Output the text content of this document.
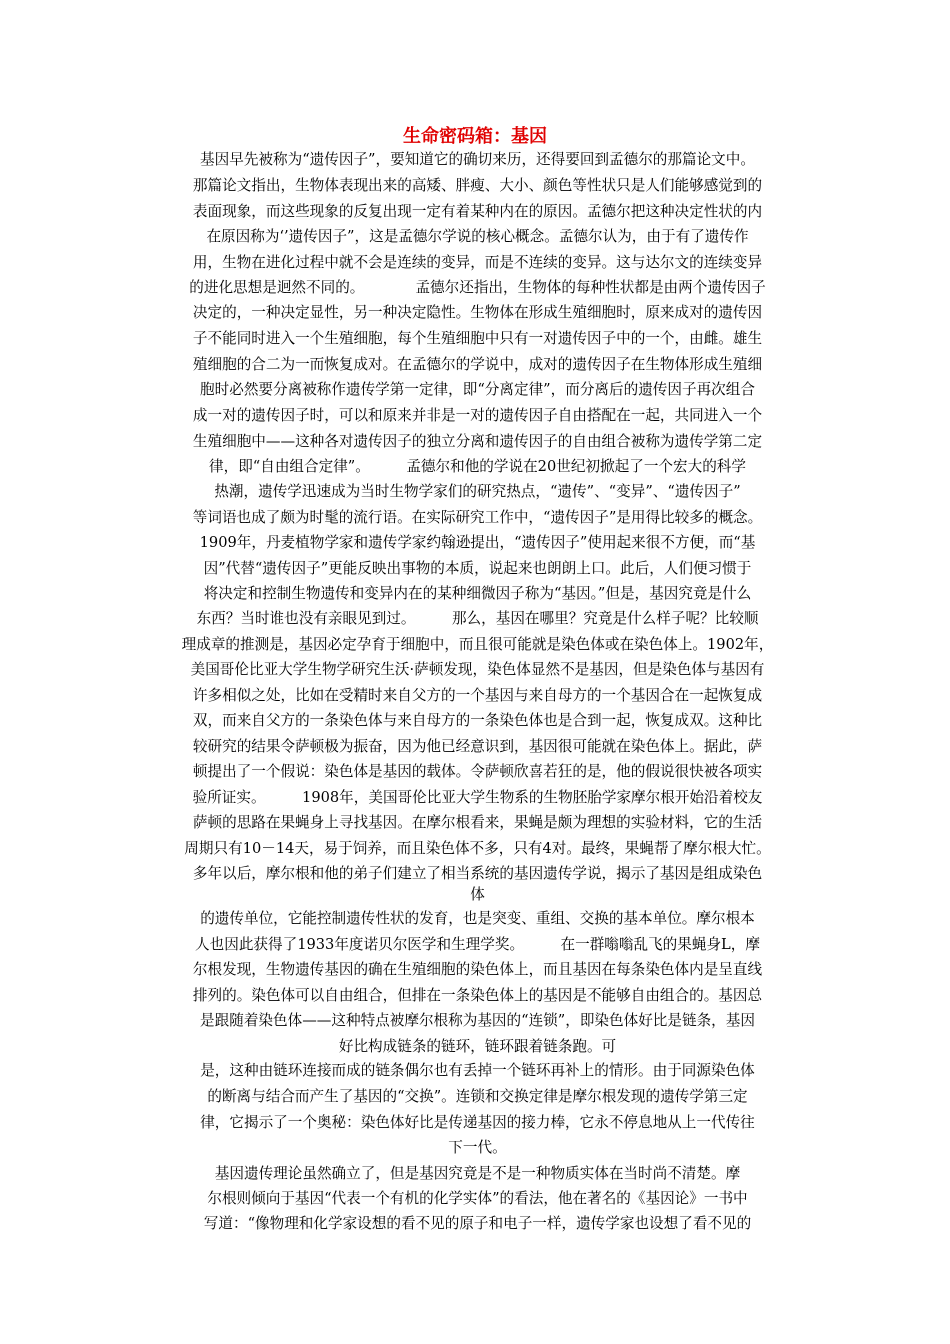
生命密码箱：基因

基因早先被称为“遗传因子”，要知道它的确切来历，还得要回到孟德尔的那篇论文中。

那篇论文指出，生物体表现出来的高矮、胖瘦、大小、颜色等性状只是人们能够感觉到的

表面现象，而这些现象的反复出现一定有着某种内在的原因。孟德尔把这种决定性状的内

在原因称为‘’遗传因子”，这是孟德尔学说的核心概念。孟德尔认为，由于有了遗传作

用，生物在进化过程中就不会是连续的变异，而是不连续的变异。这与达尔文的连续变异

的进化思想是迥然不同的。　　　　孟德尔还指出，生物体的每种性状都是由两个遗传因子

决定的，一种决定显性，另一种决定隐性。生物体在形成生殖细胞时，原来成对的遗传因

子不能同时进入一个生殖细胞，每个生殖细胞中只有一对遗传因子中的一个，由雌。雄生

殖细胞的合二为一而恢复成对。在孟德尔的学说中，成对的遗传因子在生物体形成生殖细

胞时必然要分离被称作遗传学第一定律，即“分离定律”，而分离后的遗传因子再次组合

成一对的遗传因子时，可以和原来并非是一对的遗传因子自由搭配在一起，共同进入一个

生殖细胞中——这种各对遗传因子的独立分离和遗传因子的自由组合被称为遗传学第二定

律，即“自由组合定律”。　　　孟德尔和他的学说在20世纪初掀起了一个宏大的科学

热潮，遗传学迅速成为当时生物学家们的研究热点，“遗传”、“变异”、“遗传因子”

等词语也成了颇为时髦的流行语。在实际研究工作中，“遗传因子”是用得比较多的概念。

1909年，丹麦植物学家和遗传学家约翰逊提出，“遗传因子”使用起来很不方便，而“基

因”代替“遗传因子”更能反映出事物的本质，说起来也朗朗上口。此后，人们便习惯于

将决定和控制生物遗传和变异内在的某种细微因子称为“基因。”但是，基因究竟是什么

东西？当时谁也没有亲眼见到过。　　　那么，基因在哪里？究竟是什么样子呢？比较顺

理成章的推测是，基因必定孕育于细胞中，而且很可能就是染色体或在染色体上。1902年，

美国哥伦比亚大学生物学研究生沃·萨顿发现，染色体显然不是基因，但是染色体与基因有

许多相似之处，比如在受精时来自父方的一个基因与来自母方的一个基因合在一起恢复成

双，而来自父方的一条染色体与来自母方的一条染色体也是合到一起，恢复成双。这种比

较研究的结果令萨顿极为振奋，因为他已经意识到，基因很可能就在染色体上。据此，萨

顿提出了一个假说：染色体是基因的载体。令萨顿欣喜若狂的是，他的假说很快被各项实

验所证实。　　　1908年，美国哥伦比亚大学生物系的生物胚胎学家摩尔根开始沿着校友

萨顿的思路在果蝇身上寻找基因。在摩尔根看来，果蝇是颇为理想的实验材料，它的生活

周期只有10－14天，易于饲养，而且染色体不多，只有4对。最终，果蝇帮了摩尔根大忙。

多年以后，摩尔根和他的弟子们建立了相当系统的基因遗传学说，揭示了基因是组成染色

体

的遗传单位，它能控制遗传性状的发育，也是突变、重组、交换的基本单位。摩尔根本

人也因此获得了1933年度诺贝尔医学和生理学奖。　　　在一群嗡嗡乱飞的果蝇身L，摩

尔根发现，生物遗传基因的确在生殖细胞的染色体上，而且基因在每条染色体内是呈直线

排列的。染色体可以自由组合，但排在一条染色体上的基因是不能够自由组合的。基因总

是跟随着染色体——这种特点被摩尔根称为基因的“连锁”，即染色体好比是链条，基因

好比构成链条的链环，链环跟着链条跑。可

是，这种由链环连接而成的链条偶尔也有丢掉一个链环再补上的情形。由于同源染色体

的断离与结合而产生了基因的“交换”。连锁和交换定律是摩尔根发现的遗传学第三定

律，它揭示了一个奥秘：染色体好比是传递基因的接力棒，它永不停息地从上一代传往

下一代。

基因遗传理论虽然确立了，但是基因究竟是不是一种物质实体在当时尚不清楚。摩

尔根则倾向于基因“代表一个有机的化学实体”的看法，他在著名的《基因论》一书中

写道：“像物理和化学家设想的看不见的原子和电子一样，遗传学家也设想了看不见的
